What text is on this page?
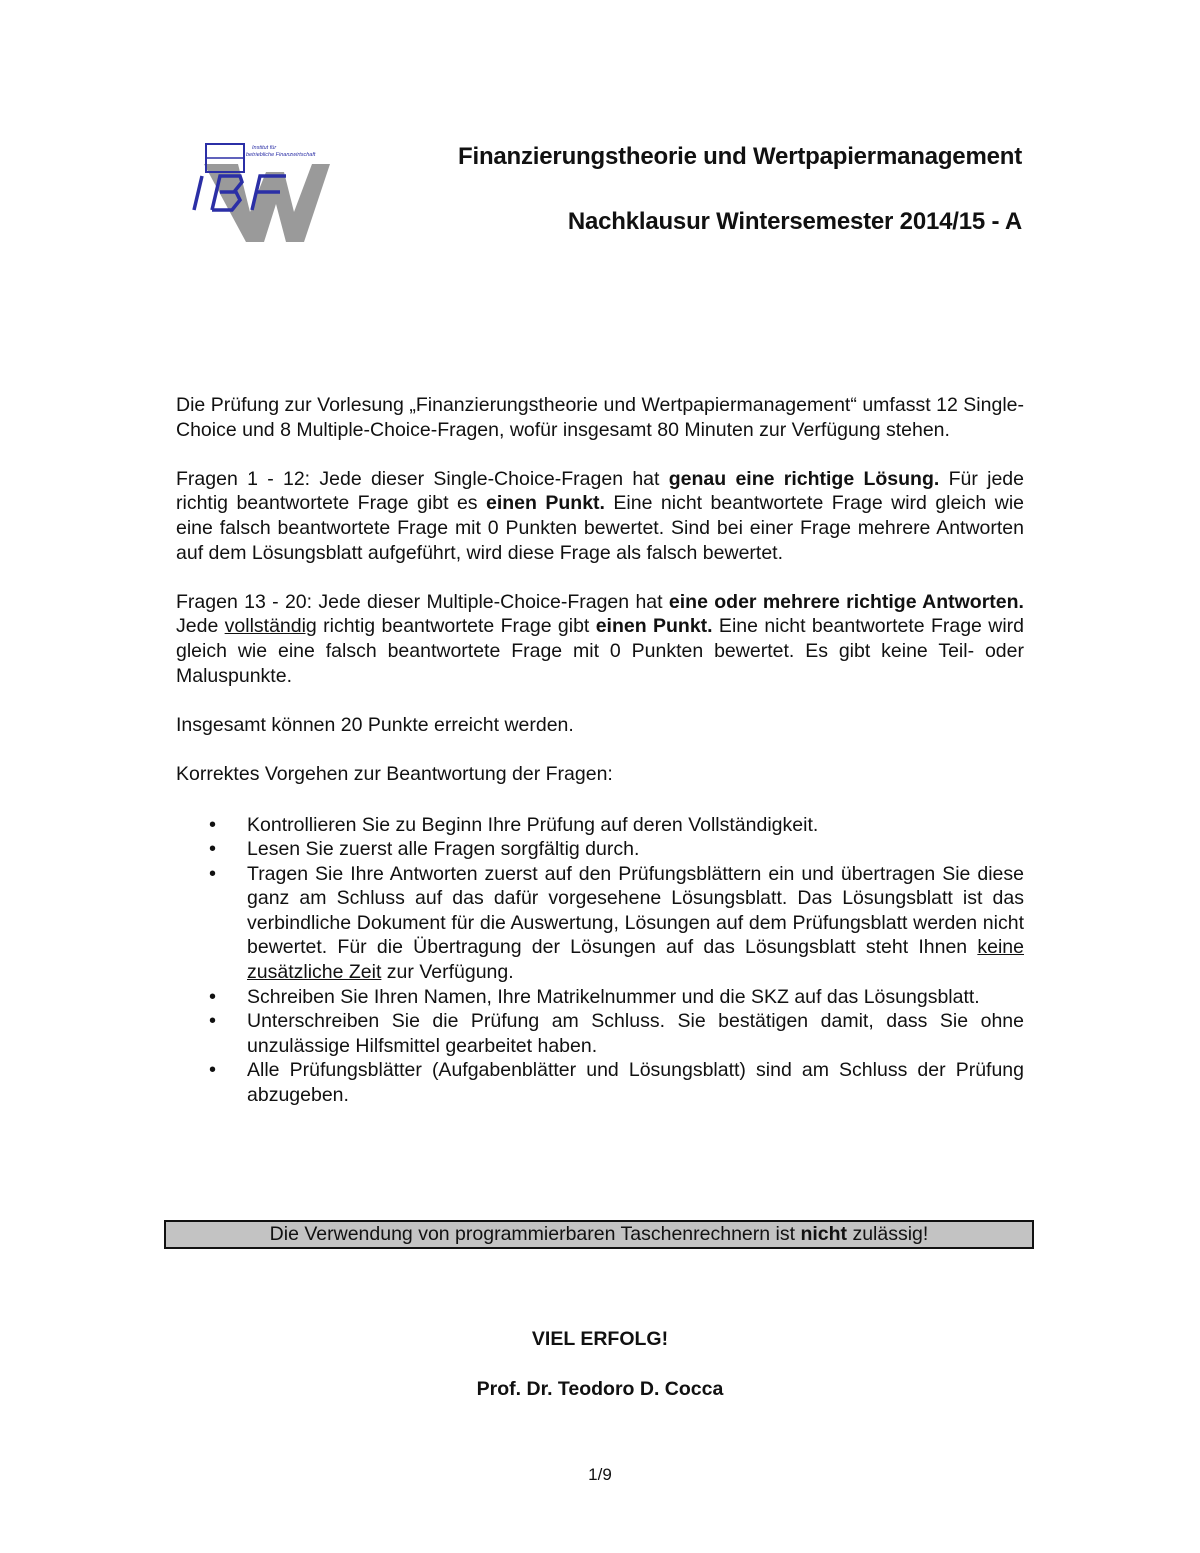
Institut für
betriebliche Finanzwirtschaft	Finanzierungstheorie und Wertpapiermanagement
Nachklausur Wintersemester 2014/15 - A

Die Prüfung zur Vorlesung „Finanzierungstheorie und Wertpapiermanagement“ umfasst 12 Single-Choice und 8 Multiple-Choice-Fragen, wofür insgesamt 80 Minuten zur Verfügung stehen.

Fragen 1 - 12: Jede dieser Single-Choice-Fragen hat genau eine richtige Lösung. Für jede richtig beantwortete Frage gibt es einen Punkt. Eine nicht beantwortete Frage wird gleich wie eine falsch beantwortete Frage mit 0 Punkten bewertet. Sind bei einer Frage mehrere Antworten auf dem Lösungsblatt aufgeführt, wird diese Frage als falsch bewertet.

Fragen 13 - 20: Jede dieser Multiple-Choice-Fragen hat eine oder mehrere richtige Antworten. Jede vollständig richtig beantwortete Frage gibt einen Punkt. Eine nicht beantwortete Frage wird gleich wie eine falsch beantwortete Frage mit 0 Punkten bewertet. Es gibt keine Teil- oder Maluspunkte.

Insgesamt können 20 Punkte erreicht werden.

Korrektes Vorgehen zur Beantwortung der Fragen:

• Kontrollieren Sie zu Beginn Ihre Prüfung auf deren Vollständigkeit.
• Lesen Sie zuerst alle Fragen sorgfältig durch.
• Tragen Sie Ihre Antworten zuerst auf den Prüfungsblättern ein und übertragen Sie diese ganz am Schluss auf das dafür vorgesehene Lösungsblatt. Das Lösungsblatt ist das verbindliche Dokument für die Auswertung, Lösungen auf dem Prüfungsblatt werden nicht bewertet. Für die Übertragung der Lösungen auf das Lösungsblatt steht Ihnen keine zusätzliche Zeit zur Verfügung.
• Schreiben Sie Ihren Namen, Ihre Matrikelnummer und die SKZ auf das Lösungsblatt.
• Unterschreiben Sie die Prüfung am Schluss. Sie bestätigen damit, dass Sie ohne unzulässige Hilfsmittel gearbeitet haben.
• Alle Prüfungsblätter (Aufgabenblätter und Lösungsblatt) sind am Schluss der Prüfung abzugeben.
Die Verwendung von programmierbaren Taschenrechnern ist nicht zulässig!
VIEL ERFOLG!
Prof. Dr. Teodoro D. Cocca
1/9
